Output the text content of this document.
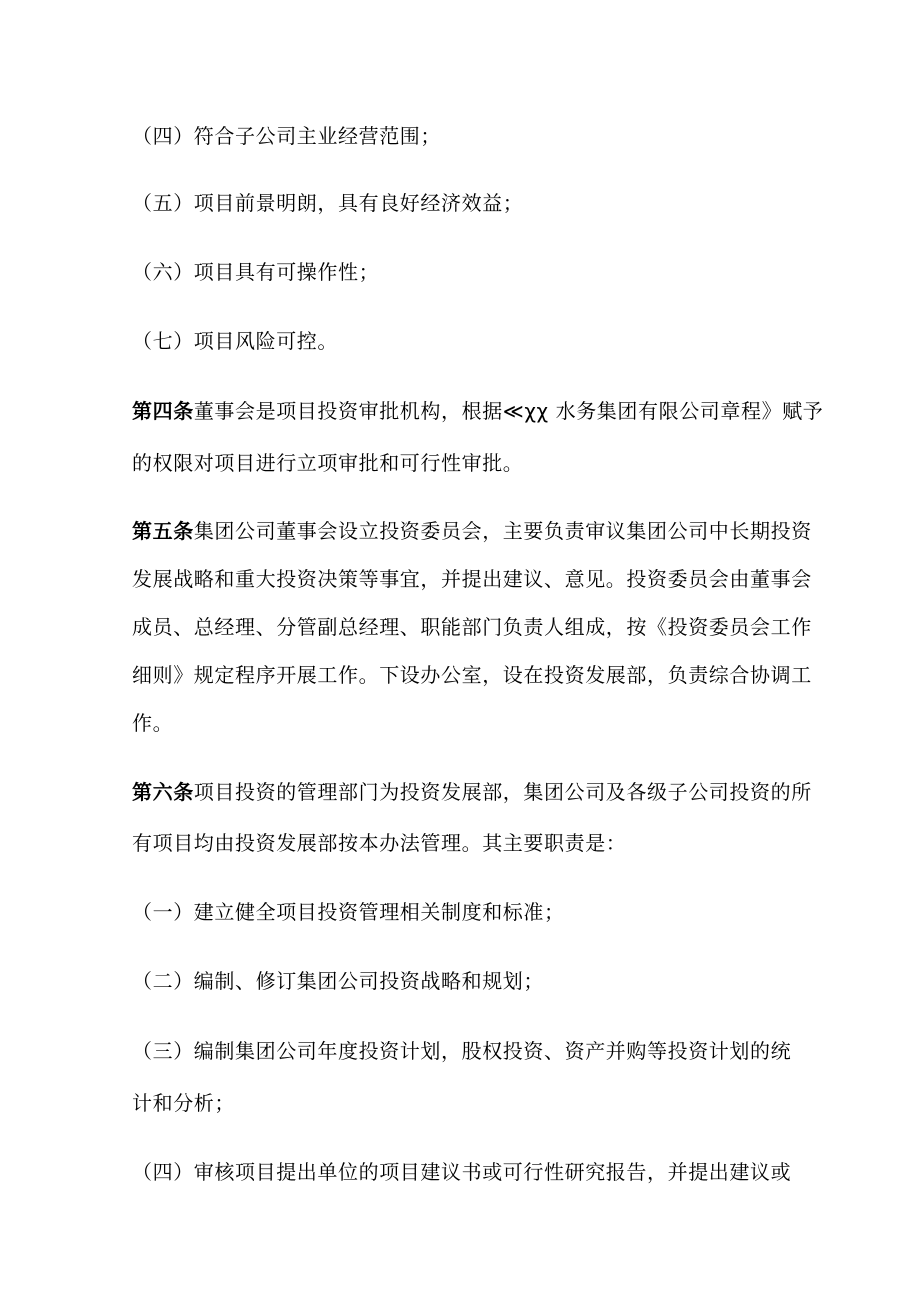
（四）符合子公司主业经营范围；
（五）项目前景明朗，具有良好经济效益；
（六）项目具有可操作性；
（七）项目风险可控。
第四条董事会是项目投资审批机构，根据≪χχ 水务集团有限公司章程》赋予
的权限对项目进行立项审批和可行性审批。
第五条集团公司董事会设立投资委员会，主要负责审议集团公司中长期投资
发展战略和重大投资决策等事宜，并提出建议、意见。投资委员会由董事会
成员、总经理、分管副总经理、职能部门负责人组成，按《投资委员会工作
细则》规定程序开展工作。下设办公室，设在投资发展部，负责综合协调工
作。
第六条项目投资的管理部门为投资发展部，集团公司及各级子公司投资的所
有项目均由投资发展部按本办法管理。其主要职责是：
（一）建立健全项目投资管理相关制度和标准；
（二）编制、修订集团公司投资战略和规划；
（三）编制集团公司年度投资计划，股权投资、资产并购等投资计划的统
计和分析；
（四）审核项目提出单位的项目建议书或可行性研究报告，并提出建议或
